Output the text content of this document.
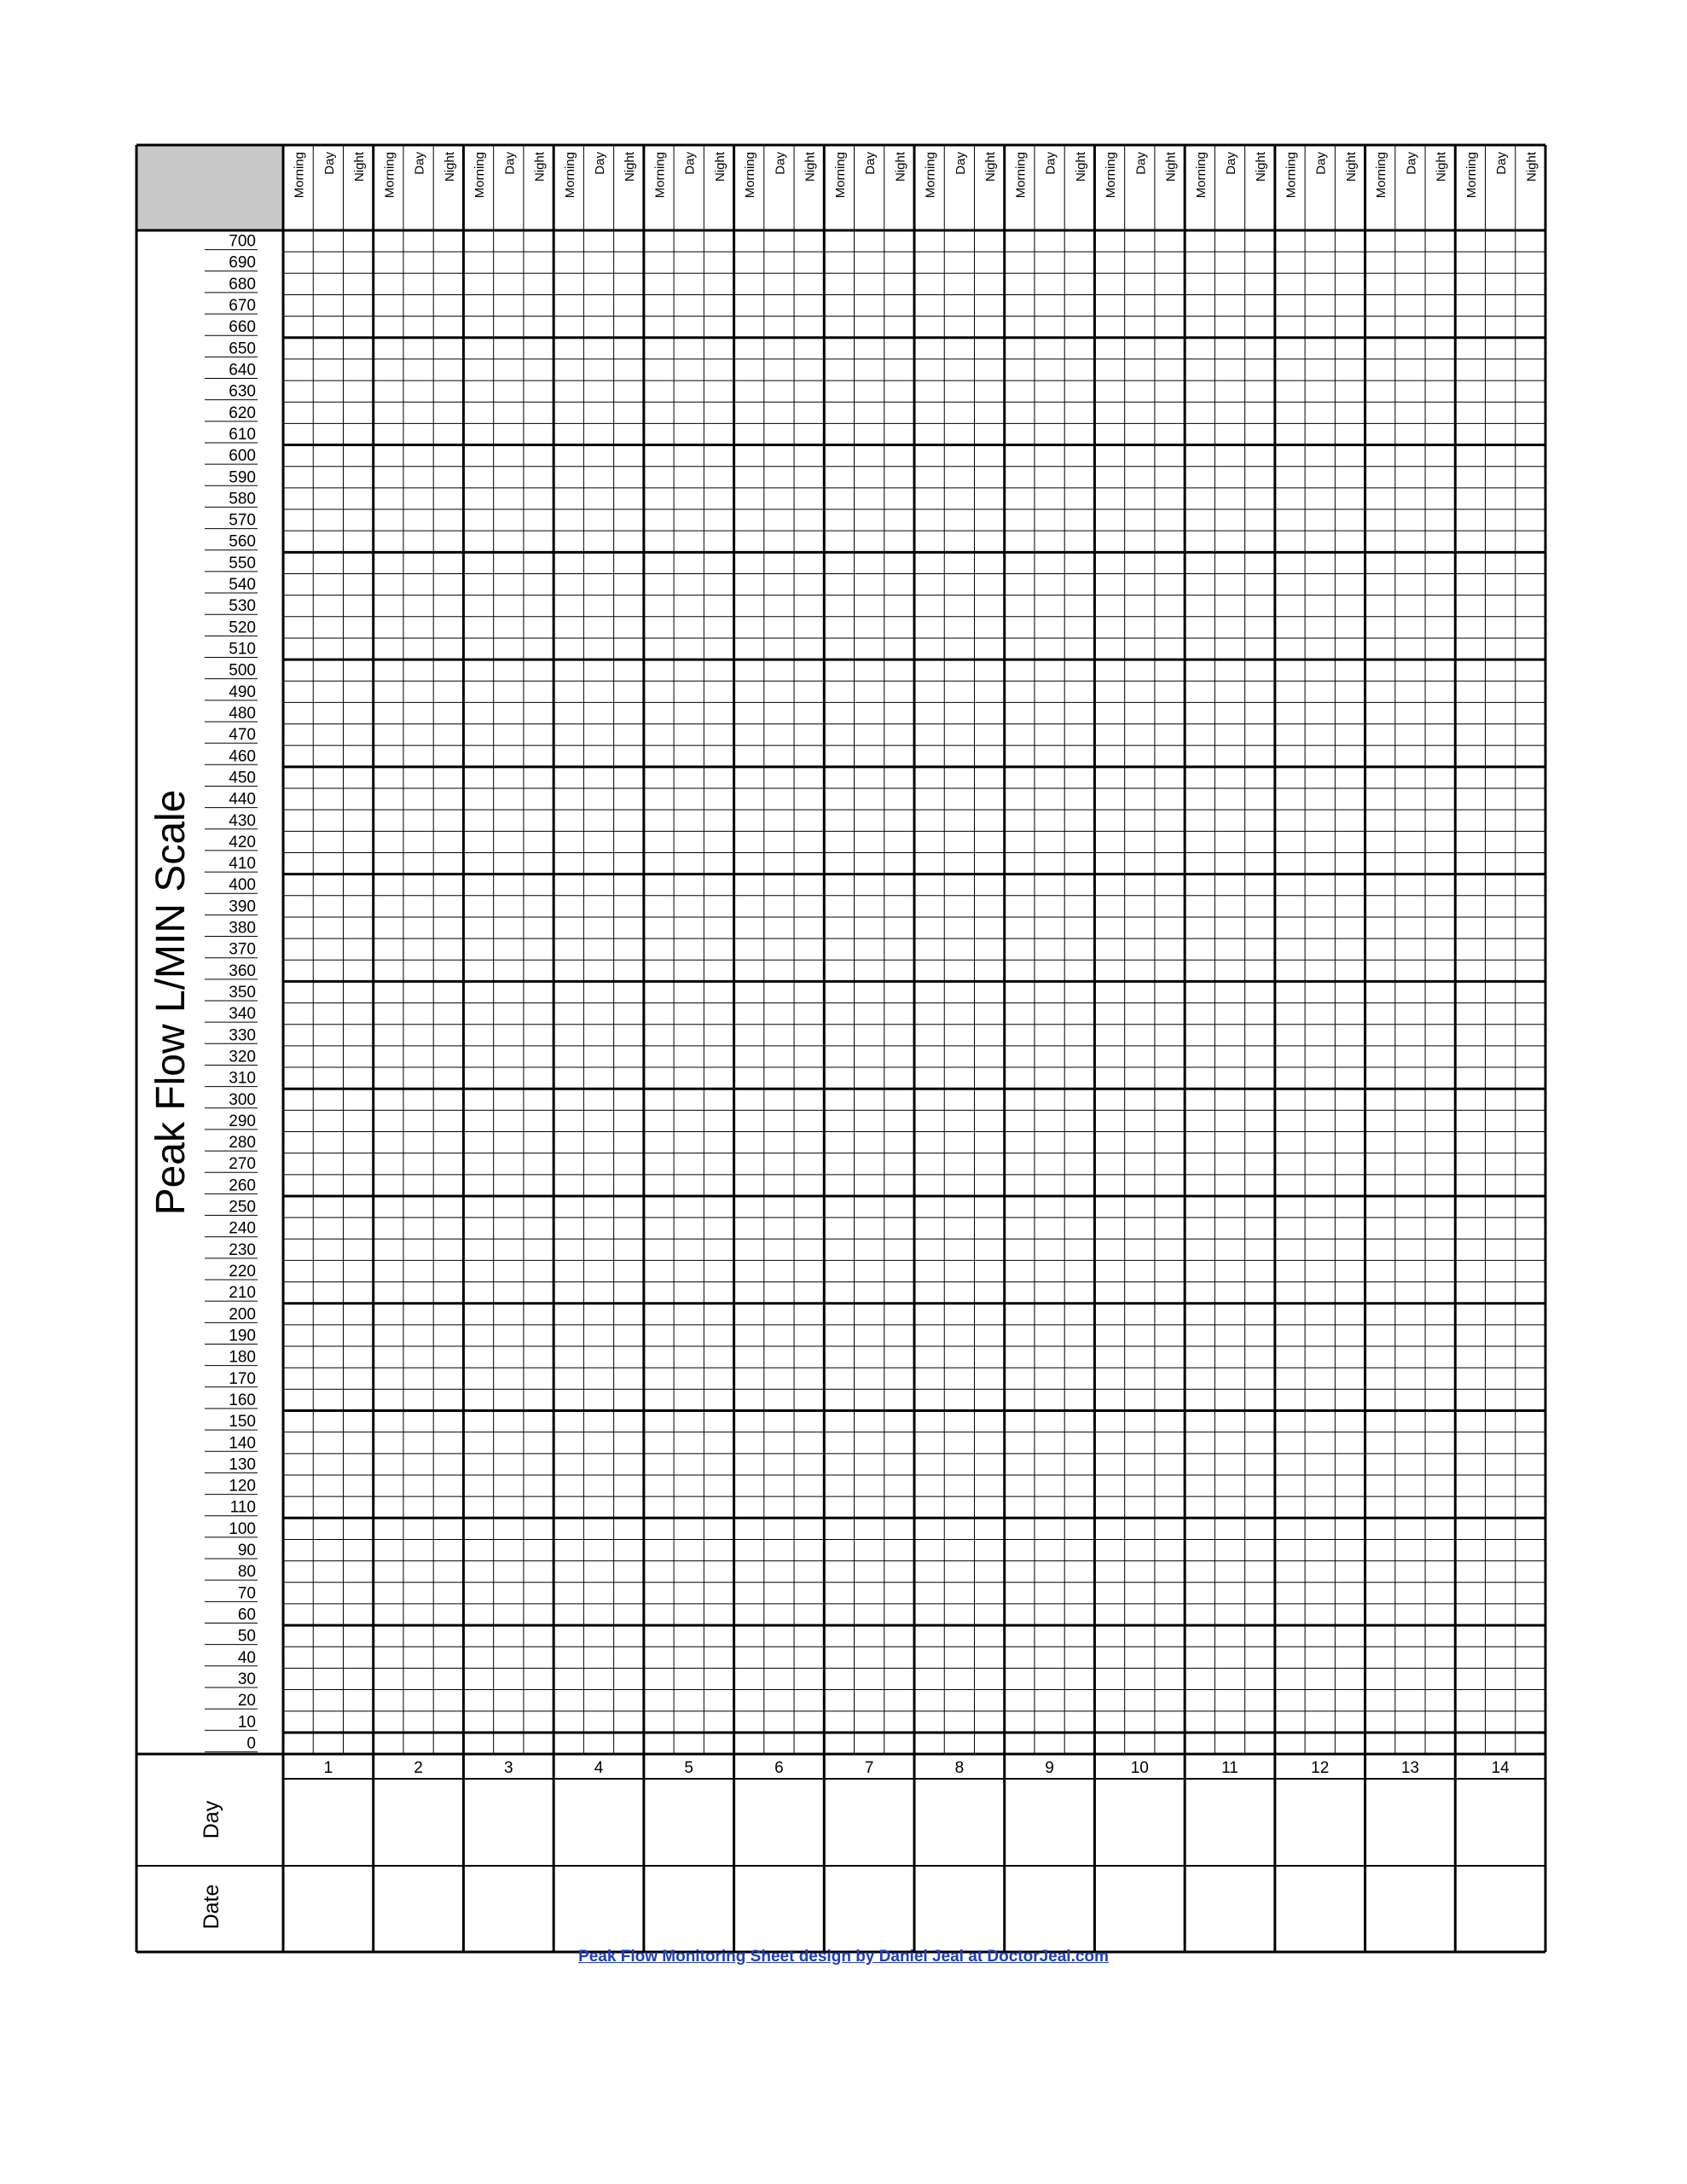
Morning Day Night Morning Day Night Morning Day Night Morning Day Night Morning Day Night Morning Day Night Morning Day Night Morning Day Night Morning Day Night Morning Day Night Morning Day Night Morning Day Night Morning Day Night Morning Day Night
700
690
680
670
660
650
640
630
620
610
600
590
580
570
560
550
540
530
520
510
500
490
480
470
460
450
440
430
420
410
400
390
380
370
360
350
340
330
320
310
300
290
280
270
260
250
240
230
220
210
200
190
180
170
160
150
140
130
120
110
100
90
80
70
60
50
40
30
20
10
0
1	2	3	4	5	6	7	8	9	10	11	12	13	14
Peak Flow L/MIN Scale
Day
Date
Peak Flow Monitoring Sheet design by Daniel Jeal at DoctorJeal.com
